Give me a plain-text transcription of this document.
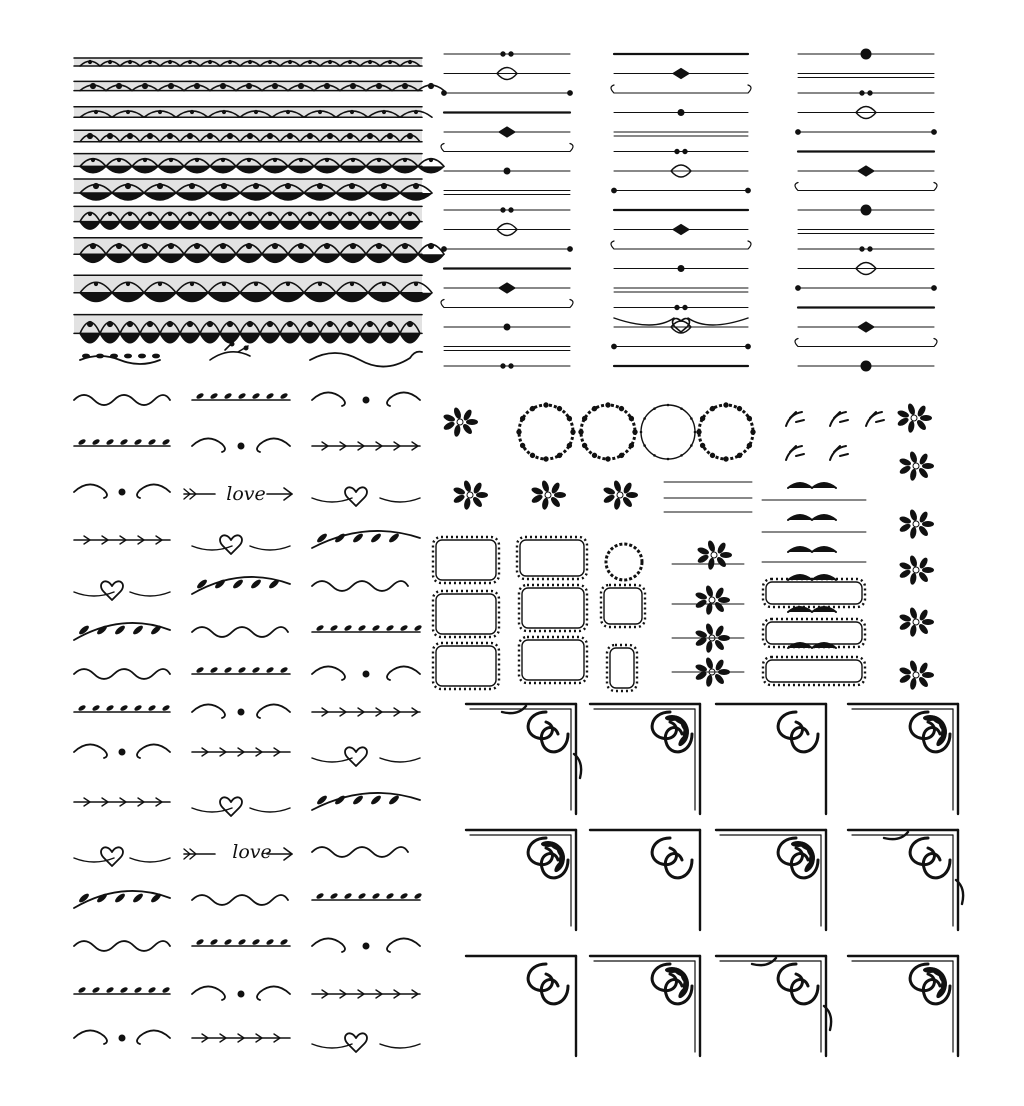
love
love
